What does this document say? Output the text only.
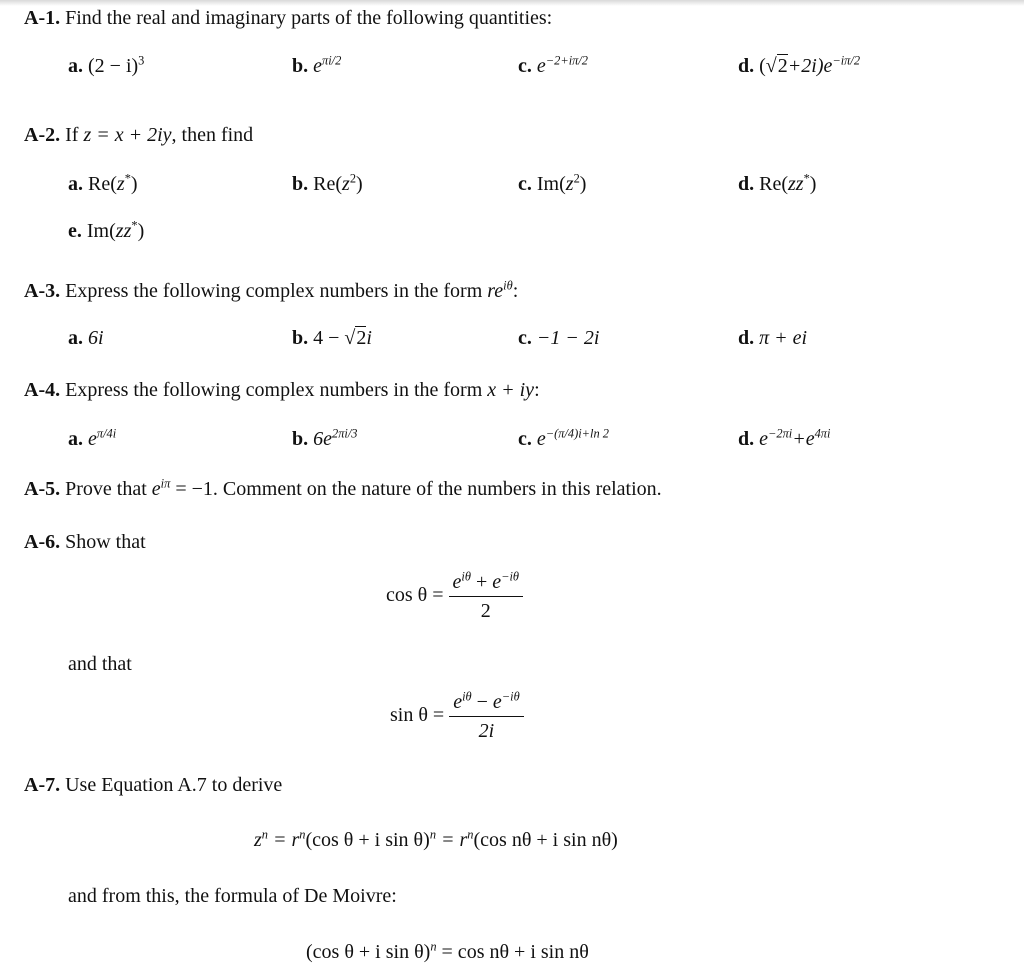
A-1. Find the real and imaginary parts of the following quantities:
a. $(2 - i)^3$	b. $e^{\pi i/2}$	c. $e^{-2+i\pi/2}$	d. $(√2+2i)e^{-i\pi/2}$
A-2. If z = x + 2iy, then find
a. Re(z*)	b. $Re(z^2)$	c. $Im(z^2)$	d. Re(zz*)
e. Im(zz*)
A-3. Express the following complex numbers in the form $re^{i\theta}$:
a. 6i	b. 4 − √2i	c. −1 − 2i	d. π + ei
A-4. Express the following complex numbers in the form x + iy:
a. $e^{\pi/4i}$	b. $6e^{2\pi i/3}$	c. $e^{-(\pi/4)i+ln 2}$	d. $e^{-2\pi i}+e^{4\pi i}$
A-5. Prove that $e^{i\pi} = -1$. Comment on the nature of the numbers in this relation.
A-6. Show that
$\cos \theta = \frac{e^{i\theta} + e^{-i\theta}}{2}$
and that
$\sin \theta = \frac{e^{i\theta} - e^{-i\theta}}{2i}$
A-7. Use Equation A.7 to derive
$z^n = r^n(\cos$ θ + i $\sin \theta)^n = r^n(\cos$ nθ + i sin nθ)
and from this, the formula of De Moivre:
(cos θ + i sin θ)$^n$ = cos nθ + i sin nθ
